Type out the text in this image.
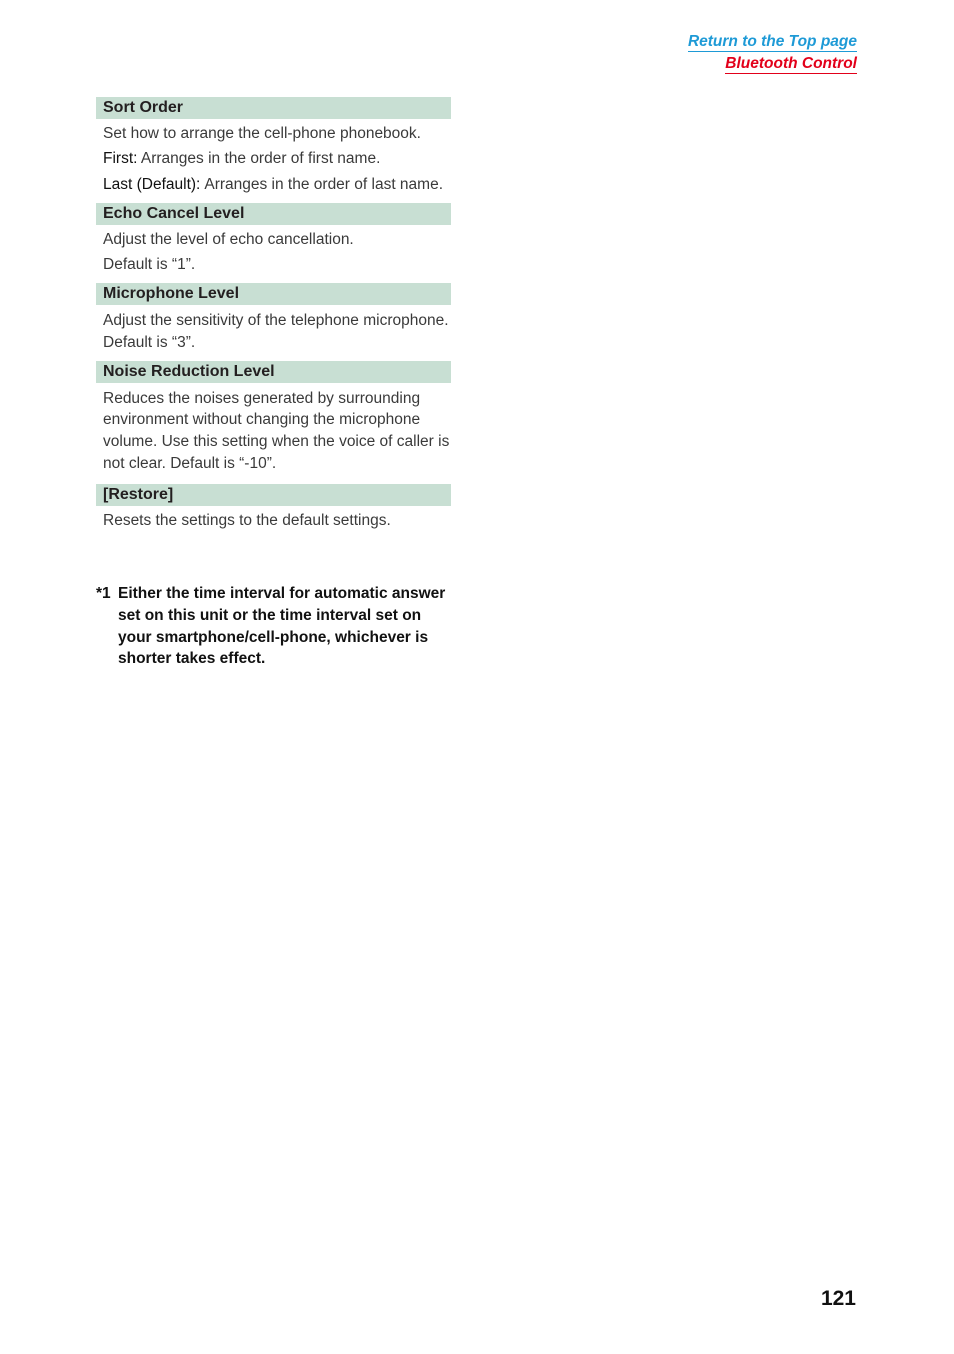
Return to the Top page
Bluetooth Control
Sort Order

Set how to arrange the cell-phone phonebook.

First: Arranges in the order of first name.

Last (Default): Arranges in the order of last name.
Echo Cancel Level

Adjust the level of echo cancellation.

Default is “1”.

Microphone Level

Adjust the sensitivity of the telephone microphone. Default is “3”.

Noise Reduction Level

Reduces the noises generated by surrounding environment without changing the microphone volume. Use this setting when the voice of caller is not clear. Default is “-10”.

[Restore]

Resets the settings to the default settings.

*1 Either the time interval for automatic answer set on this unit or the time interval set on your smartphone/cell-phone, whichever is shorter takes effect.
121
